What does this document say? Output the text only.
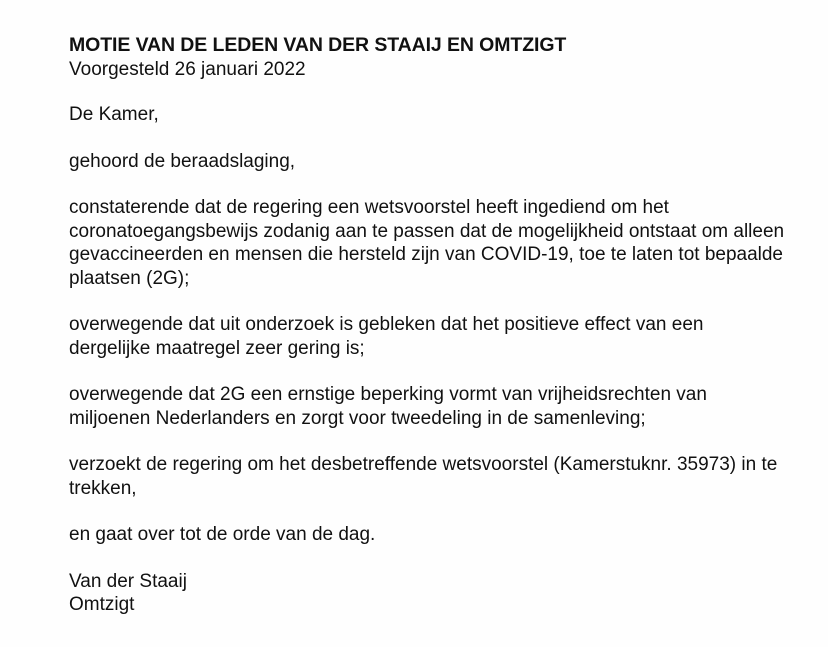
MOTIE VAN DE LEDEN VAN DER STAAIJ EN OMTZIGT

Voorgesteld 26 januari 2022

De Kamer,

gehoord de beraadslaging,

constaterende dat de regering een wetsvoorstel heeft ingediend om het coronatoegangsbewijs zodanig aan te passen dat de mogelijkheid ontstaat om alleen gevaccineerden en mensen die hersteld zijn van COVID-19, toe te laten tot bepaalde plaatsen (2G);

overwegende dat uit onderzoek is gebleken dat het positieve effect van een dergelijke maatregel zeer gering is;

overwegende dat 2G een ernstige beperking vormt van vrijheidsrechten van miljoenen Nederlanders en zorgt voor tweedeling in de samenleving;

verzoekt de regering om het desbetreffende wetsvoorstel (Kamerstuknr. 35973) in te trekken,

en gaat over tot de orde van de dag.

Van der Staaij

Omtzigt
